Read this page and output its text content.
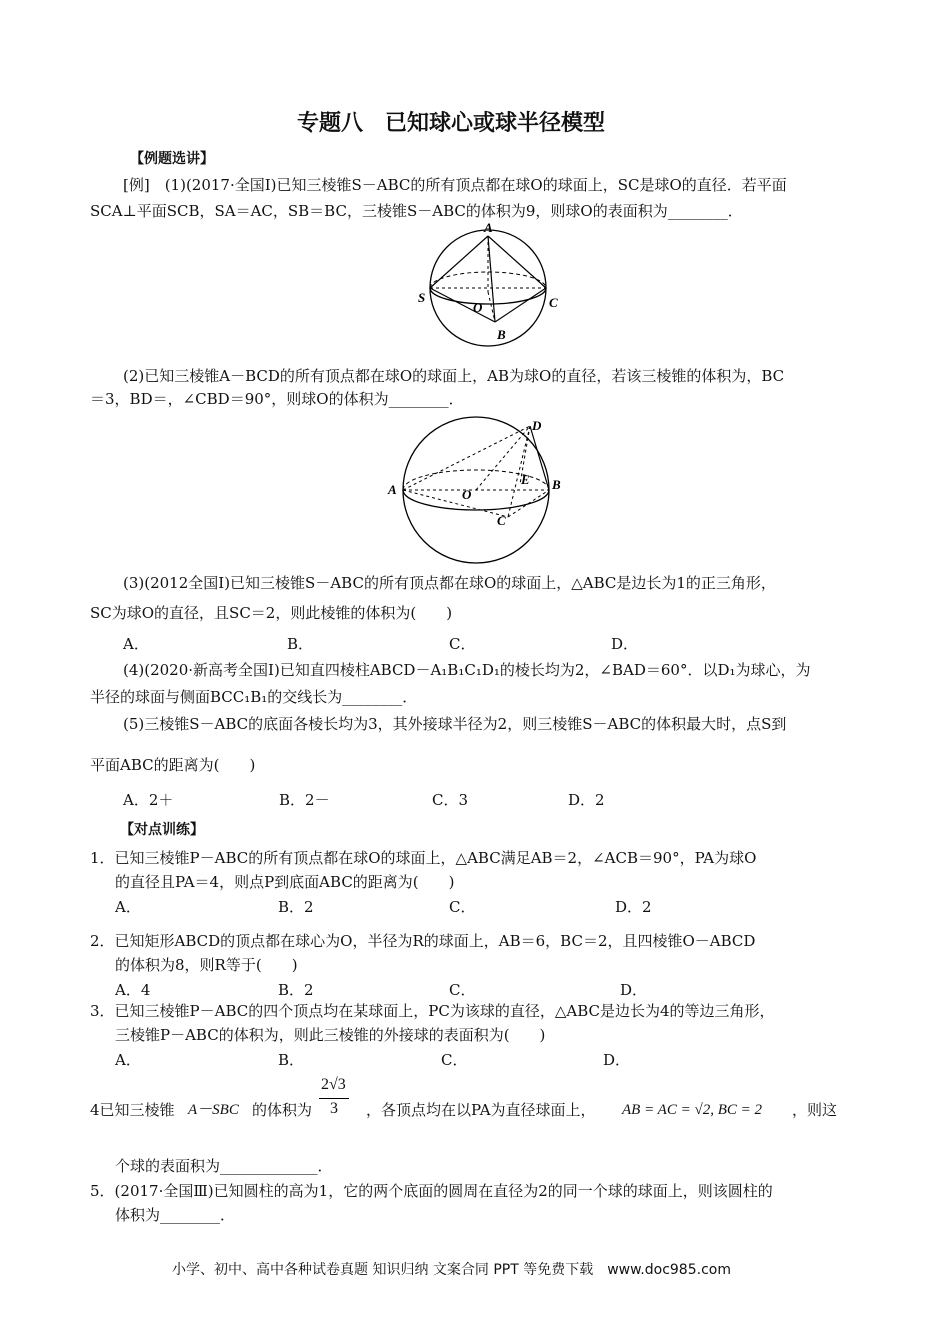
专题八　已知球心或球半径模型
【例题选讲】
[例]　(1)(2017·全国Ⅰ)已知三棱锥S－ABC的所有顶点都在球O的球面上，SC是球O的直径．若平面
SCA⊥平面SCB，SA＝AC，SB＝BC，三棱锥S－ABC的体积为9，则球O的表面积为________．
A
S	C
O
B
(2)已知三棱锥A－BCD的所有顶点都在球O的球面上，AB为球O的直径，若该三棱锥的体积为，BC
＝3，BD＝，∠CBD＝90°，则球O的体积为________．
D
A	O
E B
C
(3)(2012全国Ⅰ)已知三棱锥S－ABC的所有顶点都在球O的球面上，△ABC是边长为1的正三角形，
SC为球O的直径，且SC＝2，则此棱锥的体积为(　　)
A．	B．	C．	D．
(4)(2020·新高考全国Ⅰ)已知直四棱柱ABCD－A₁B₁C₁D₁的棱长均为2，∠BAD＝60°．以D₁为球心，为
半径的球面与侧面BCC₁B₁的交线长为________．
(5)三棱锥S－ABC的底面各棱长均为3，其外接球半径为2，则三棱锥S－ABC的体积最大时，点S到
平面ABC的距离为(　　)
A．2＋	B．2－	C．3	D．2
【对点训练】
1．已知三棱锥P－ABC的所有顶点都在球O的球面上，△ABC满足AB＝2，∠ACB＝90°，PA为球O
的直径且PA＝4，则点P到底面ABC的距离为(　　)
A．	B．2	C．	D．2
2．已知矩形ABCD的顶点都在球心为O，半径为R的球面上，AB＝6，BC＝2，且四棱锥O－ABCD
的体积为8，则R等于(　　)
A．4	B．2	C．	D．
3．已知三棱锥P－ABC的四个顶点均在某球面上，PC为该球的直径，△ABC是边长为4的等边三角形，
三棱锥P－ABC的体积为，则此三棱锥的外接球的表面积为(　　)
A．	B．	C．	D．
4已知三棱锥 A－SBC 的体积为
2√3
3 ，各顶点均在以PA为直径球面上， AB = AC = √2, BC = 2 ，则这
个球的表面积为_____________．
5．(2017·全国Ⅲ)已知圆柱的高为1，它的两个底面的圆周在直径为2的同一个球的球面上，则该圆柱的
体积为________．
小学、初中、高中各种试卷真题 知识归纳 文案合同 PPT 等免费下载　www.doc985.com
